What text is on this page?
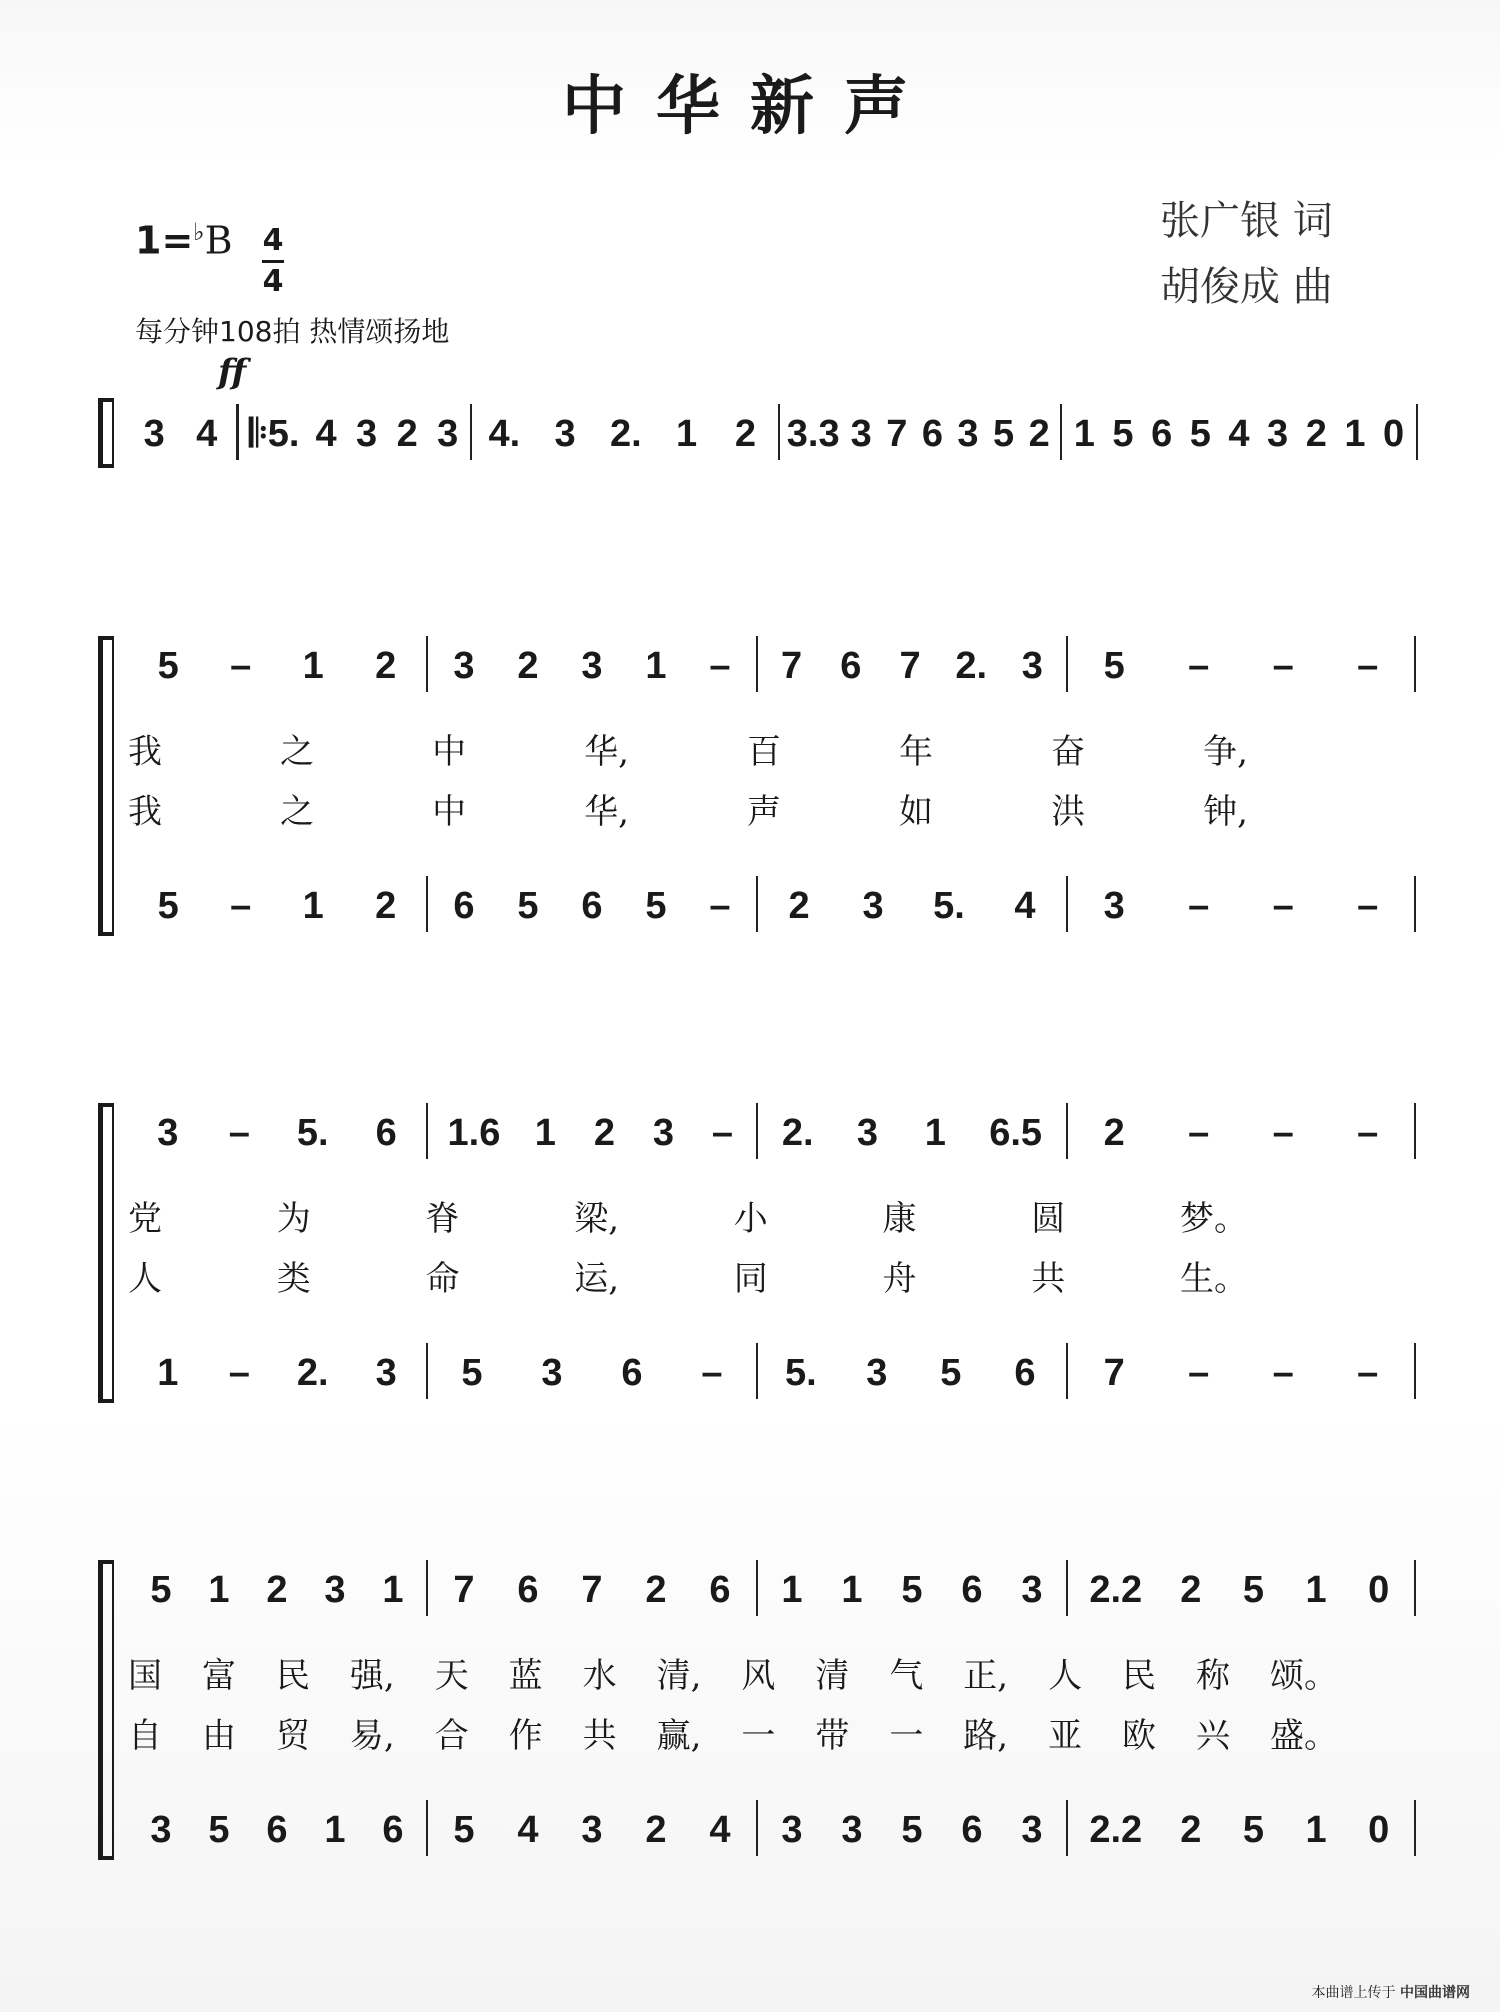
中华新声
张广银 词
胡俊成 曲
1=♭B 4
4
每分钟108拍 热情颂扬地
ff
3 4 𝄆5. 4 3 2 3 4. 3 2. 1 2 3.3 3 7 6 3 5 2 1 5 6 5 4 3 2 1 0
5 – 1 2 3 2 3 1 – 7 6 7 2. 3 5 – – –
我	之	中	华,	百	年	奋	争,
我	之	中	华,	声	如	洪	钟,
5 – 1 2 6 5 6 5 – 2 3 5. 4 3 – – –
3 – 5. 6 1.6 1 2 3 – 2. 3 1 6.5 2 – – –
党	为	脊	梁,	小	康	圆	梦。
人	类	命	运,	同	舟	共	生。
1 – 2. 3 5 3 6 – 5. 3 5 6 7 – – –
5 1 2 3 1 7 6 7 2 6 1 1 5 6 3 2.2 2 5 1 0
国 富 民 强, 天 蓝 水 清, 风 清 气 正, 人 民 称 颂。
自 由 贸 易, 合 作 共 赢, 一 带 一 路, 亚 欧 兴 盛。
3 5 6 1 6 5 4 3 2 4 3 3 5 6 3 2.2 2 5 1 0
本曲谱上传于 中国曲谱网
